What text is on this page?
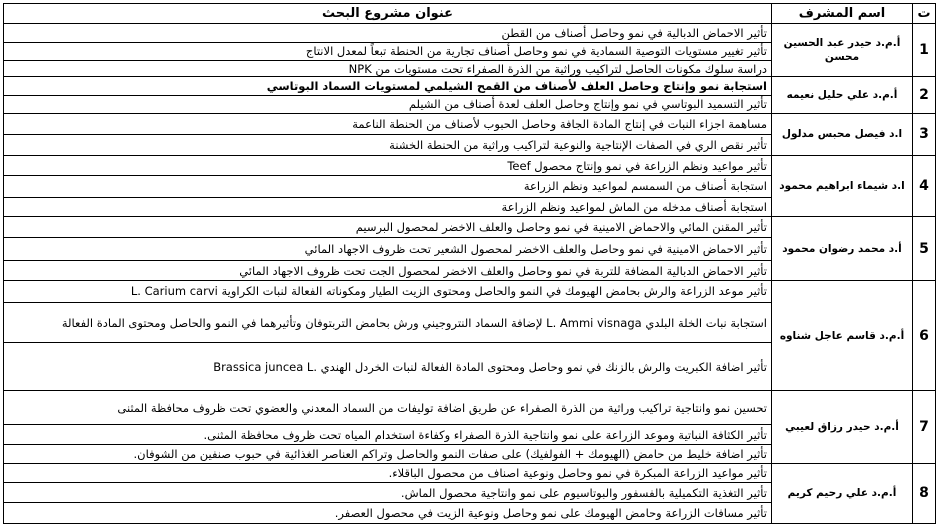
ت	اسم المشرف	عنوان مشروع البحث
1	أ.م.د حيدر عبد الحسين محسن	تأثير الاحماض الدبالية في نمو وحاصل أصناف من القطن
		تأثير تغيير مستويات التوصية السمادية في نمو وحاصل أصناف تجارية من الحنطة تبعاً لمعدل الانتاج
		دراسة سلوك مكونات الحاصل لتراكيب وراثية من الذرة الصفراء تحت مستويات من NPK
2	أ.م.د علي حليل نعيمه	استجابة نمو وإنتاج وحاصل العلف لأصناف من القمح الشيلمي لمستويات السماد البوتاسي
		تأثير التسميد البوتاسي في نمو وإنتاج وحاصل العلف لعدة أصناف من الشيلم
3	ا.د فيصل محبس مدلول	مساهمة اجزاء النبات في إنتاج المادة الجافة وحاصل الحبوب لأصناف من الحنطة الناعمة
		تأثير نقص الري في الصفات الإنتاجية والنوعية لتراكيب وراثية من الحنطة الخشنة
4	ا.د شيماء ابراهيم محمود	تأثير مواعيد ونظم الزراعة في نمو وإنتاج محصول Teef
		استجابة أصناف من السمسم لمواعيد ونظم الزراعة
		استجابة أصناف مدخله من الماش لمواعيد ونظم الزراعة
5	أ.د محمد رضوان محمود	تأثير المقنن المائي والاحماض الامينية في نمو وحاصل والعلف الاخضر لمحصول البرسيم
		تأثير الاحماض الامينية في نمو وحاصل والعلف الاخضر لمحصول الشعير تحت ظروف الاجهاد المائي
		تأثير الاحماض الدبالية المضافة للتربة في نمو وحاصل والعلف الاخضر لمحصول الجت تحت ظروف الاجهاد المائي
6	أ.م.د قاسم عاجل شناوه	تأثير موعد الزراعة والرش بحامض الهيومك في النمو والحاصل ومحتوى الزيت الطيار ومكوناته الفعالة لنبات الكراوية L. Carium carvi
		استجابة نبات الخلة البلدي L. Ammi visnaga لإضافة السماد النتروجيني ورش بحامض التربتوفان وتأثيرهما في النمو والحاصل ومحتوى المادة الفعالة
		تأثير اضافة الكبريت والرش بالزنك في نمو وحاصل ومحتوى المادة الفعالة لنبات الخردل الهندي .Brassica juncea L
7	أ.م.د حيدر رزاق لعيبي	تحسين نمو وانتاجية تراكيب وراثية من الذرة الصفراء عن طريق اضافة توليفات من السماد المعدني والعضوي تحت ظروف محافظة المثنى
		تأثير الكثافة النباتية وموعد الزراعة على نمو وانتاجية الذرة الصفراء وكفاءة استخدام المياه تحت ظروف محافظة المثنى.
		تأثير اضافة خليط من حامض (الهيومك + الفولفيك) على صفات النمو والحاصل وتراكم العناصر الغذائية في حبوب صنفين من الشوفان.
8	أ.م.د علي رحيم كريم	تأثير مواعيد الزراعة المبكرة في نمو وحاصل ونوعية اصناف من محصول الباقلاء.
		تأثير التغذية التكميلية بالفسفور والبوتاسيوم على نمو وانتاجية محصول الماش.
		تأثير مسافات الزراعة وحامض الهيومك على نمو وحاصل ونوعية الزيت في محصول العصفر.
